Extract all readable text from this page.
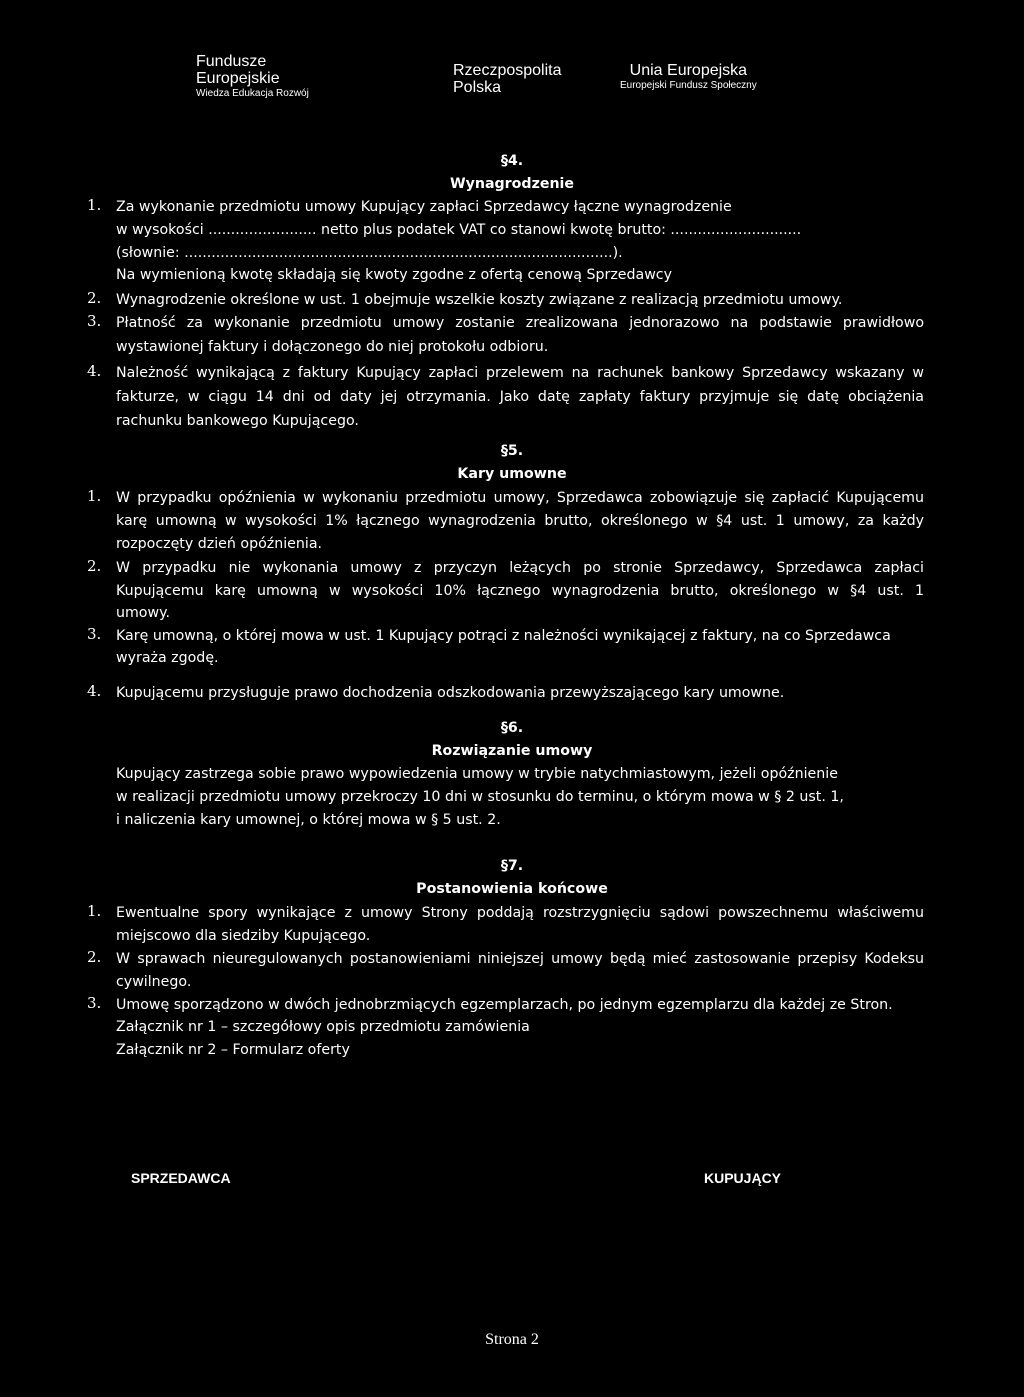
Fundusze
Europejskie
Wiedza Edukacja Rozwój
Rzeczpospolita
Polska
Unia Europejska
Europejski Fundusz Społeczny
§4.
Wynagrodzenie
1. Za wykonanie przedmiotu umowy Kupujący zapłaci Sprzedawcy łączne wynagrodzenie
w wysokości ........................ netto plus podatek VAT co stanowi kwotę brutto: .............................
(słownie: ...............................................................................................).
Na wymienioną kwotę składają się kwoty zgodne z ofertą cenową Sprzedawcy
2. Wynagrodzenie określone w ust. 1 obejmuje wszelkie koszty związane z realizacją przedmiotu umowy.
3. Płatność za wykonanie przedmiotu umowy zostanie zrealizowana jednorazowo na podstawie prawidłowo
wystawionej faktury i dołączonego do niej protokołu odbioru.
4. Należność wynikającą z faktury Kupujący zapłaci przelewem na rachunek bankowy Sprzedawcy wskazany w
fakturze, w ciągu 14 dni od daty jej otrzymania. Jako datę zapłaty faktury przyjmuje się datę obciążenia
rachunku bankowego Kupującego.
§5.
Kary umowne
1. W przypadku opóźnienia w wykonaniu przedmiotu umowy, Sprzedawca zobowiązuje się zapłacić Kupującemu
karę umowną w wysokości 1% łącznego wynagrodzenia brutto, określonego w §4 ust. 1 umowy, za każdy
rozpoczęty dzień opóźnienia.
2. W przypadku nie wykonania umowy z przyczyn leżących po stronie Sprzedawcy, Sprzedawca zapłaci
Kupującemu karę umowną w wysokości 10% łącznego wynagrodzenia brutto, określonego w §4 ust. 1
umowy.
3. Karę umowną, o której mowa w ust. 1 Kupujący potrąci z należności wynikającej z faktury, na co Sprzedawca
wyraża zgodę.
4. Kupującemu przysługuje prawo dochodzenia odszkodowania przewyższającego kary umowne.
§6.
Rozwiązanie umowy
Kupujący zastrzega sobie prawo wypowiedzenia umowy w trybie natychmiastowym, jeżeli opóźnienie
w realizacji przedmiotu umowy przekroczy 10 dni w stosunku do terminu, o którym mowa w § 2 ust. 1,
i naliczenia kary umownej, o której mowa w § 5 ust. 2.
§7.
Postanowienia końcowe
1. Ewentualne spory wynikające z umowy Strony poddają rozstrzygnięciu sądowi powszechnemu właściwemu
miejscowo dla siedziby Kupującego.
2. W sprawach nieuregulowanych postanowieniami niniejszej umowy będą mieć zastosowanie przepisy Kodeksu
cywilnego.
3. Umowę sporządzono w dwóch jednobrzmiących egzemplarzach, po jednym egzemplarzu dla każdej ze Stron.
Załącznik nr 1 – szczegółowy opis przedmiotu zamówienia
Załącznik nr 2 – Formularz oferty
SPRZEDAWCA	KUPUJĄCY
Strona 2
